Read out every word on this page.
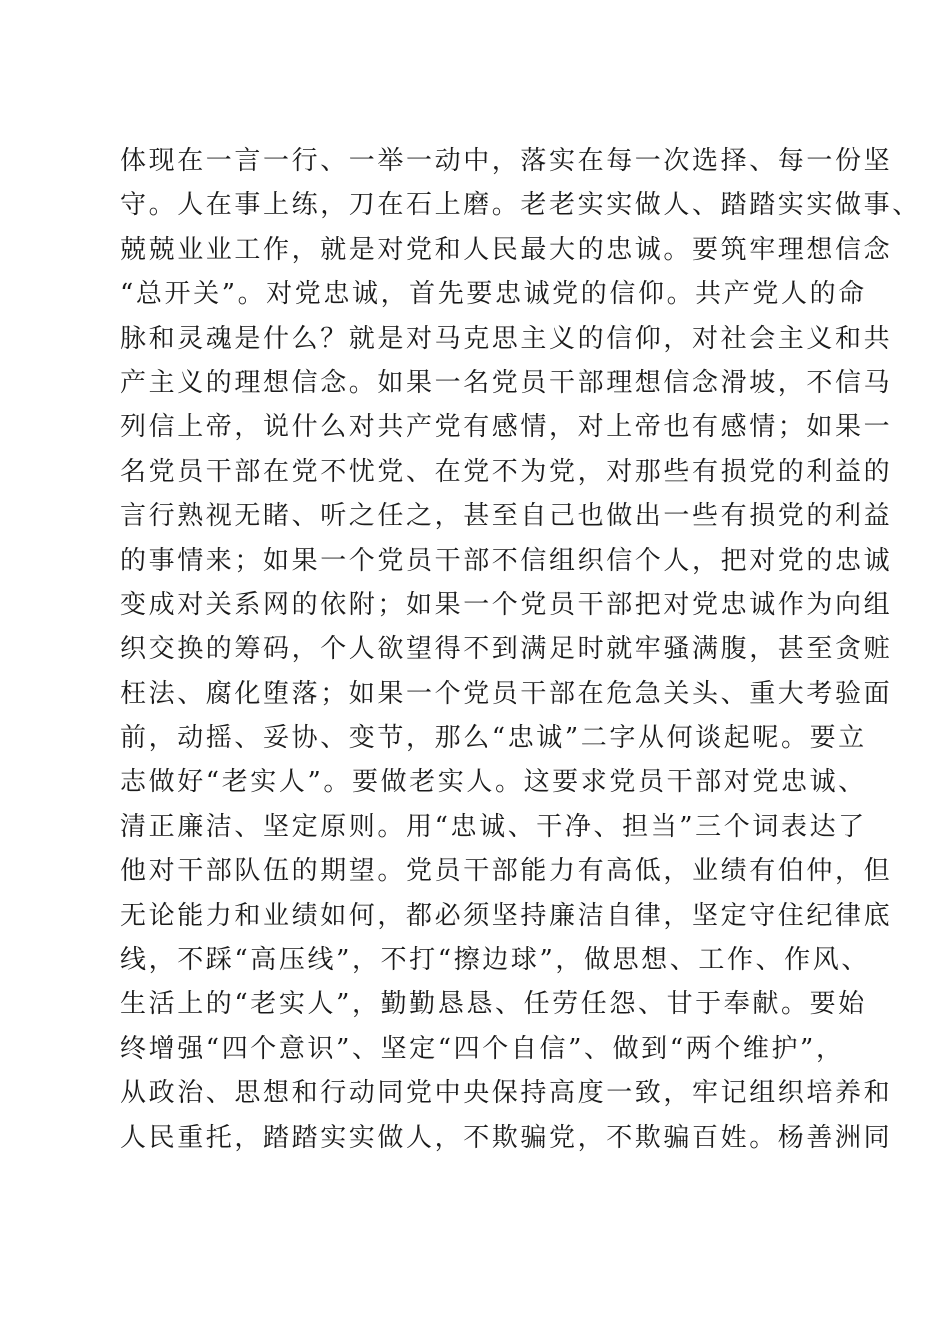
体现在一言一行、一举一动中，落实在每一次选择、每一份坚
守。人在事上练，刀在石上磨。老老实实做人、踏踏实实做事、
兢兢业业工作，就是对党和人民最大的忠诚。要筑牢理想信念
“总开关”。对党忠诚，首先要忠诚党的信仰。共产党人的命
脉和灵魂是什么？就是对马克思主义的信仰，对社会主义和共
产主义的理想信念。如果一名党员干部理想信念滑坡，不信马
列信上帝，说什么对共产党有感情，对上帝也有感情；如果一
名党员干部在党不忧党、在党不为党，对那些有损党的利益的
言行熟视无睹、听之任之，甚至自己也做出一些有损党的利益
的事情来；如果一个党员干部不信组织信个人，把对党的忠诚
变成对关系网的依附；如果一个党员干部把对党忠诚作为向组
织交换的筹码，个人欲望得不到满足时就牢骚满腹，甚至贪赃
枉法、腐化堕落；如果一个党员干部在危急关头、重大考验面
前，动摇、妥协、变节，那么“忠诚”二字从何谈起呢。要立
志做好“老实人”。要做老实人。这要求党员干部对党忠诚、
清正廉洁、坚定原则。用“忠诚、干净、担当”三个词表达了
他对干部队伍的期望。党员干部能力有高低，业绩有伯仲，但
无论能力和业绩如何，都必须坚持廉洁自律，坚定守住纪律底
线，不踩“高压线”，不打“擦边球”，做思想、工作、作风、
生活上的“老实人”，勤勤恳恳、任劳任怨、甘于奉献。要始
终增强“四个意识”、坚定“四个自信”、做到“两个维护”，
从政治、思想和行动同党中央保持高度一致，牢记组织培养和
人民重托，踏踏实实做人，不欺骗党，不欺骗百姓。杨善洲同
